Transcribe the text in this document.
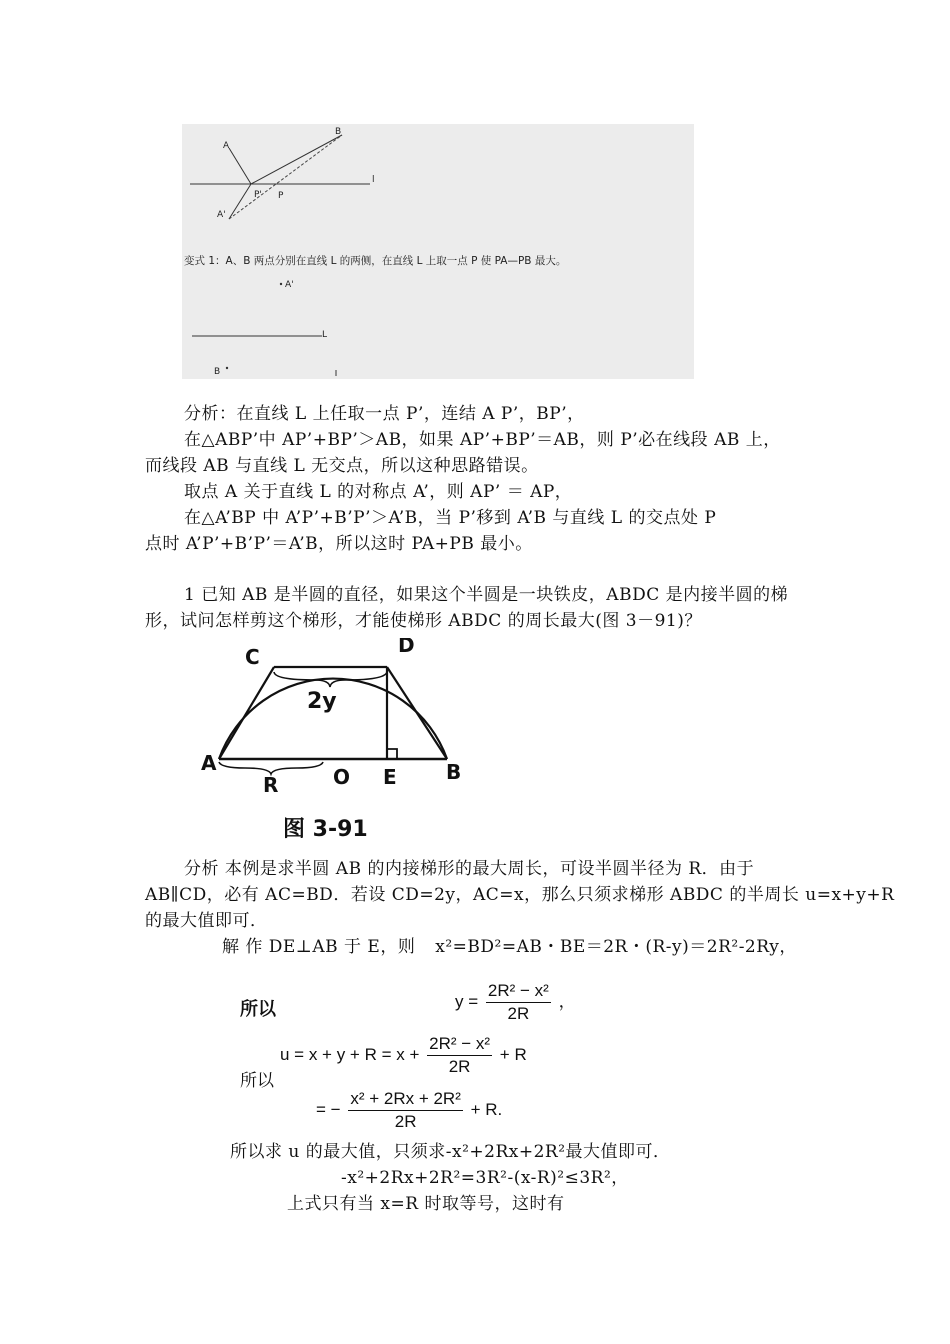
A
B
A'
P' P
l
A'
L
B
变式 1：A、B 两点分别在直线 L 的两侧，在直线 L 上取一点 P 使 PA—PB 最大。
分析：在直线 L 上任取一点 P’，连结 A P’，BP’，
在△ABP’中 AP’+BP’＞AB，如果 AP’+BP’＝AB，则 P’必在线段 AB 上，
而线段 AB 与直线 L 无交点，所以这种思路错误。
取点 A 关于直线 L 的对称点 A’，则 AP’ ＝ AP，
在△A’BP 中 A’P’+B’P’＞A’B，当 P’移到 A’B 与直线 L 的交点处 P
点时 A’P’+B’P’＝A’B，所以这时 PA+PB 最小。
1 已知 AB 是半圆的直径，如果这个半圆是一块铁皮，ABDC 是内接半圆的梯
形，试问怎样剪这个梯形，才能使梯形 ABDC 的周长最大(图 3－91)？
C	D
2y
A	B
R	O E
图 3-91
分析 本例是求半圆 AB 的内接梯形的最大周长，可设半圆半径为 R．由于
AB∥CD，必有 AC=BD．若设 CD=2y，AC=x，那么只须求梯形 ABDC 的半周长 u=x+y+R
的最大值即可．
解 作 DE⊥AB 于 E，则 x²=BD²=AB・BE＝2R・(R-y)＝2R²-2Ry，
所以	$y = \frac{\text{2R² − x²}}{2R}$ ，
所以
$u = x + y + R = x + \frac{\text{2R² − x²}}{2R} + R$
= − $\frac{\text{x² + 2Rx + 2R²}}{2R} + R$.
所以求 u 的最大值，只须求-x²+2Rx+2R²最大值即可．
-x²+2Rx+2R²=3R²-(x-R)²≤3R²，
上式只有当 x=R 时取等号，这时有
